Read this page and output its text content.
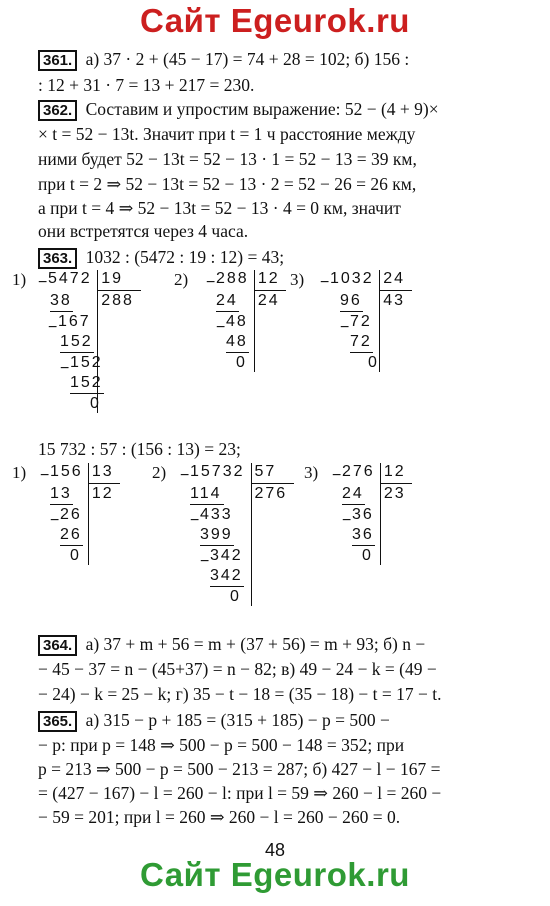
Сайт Egeurok.ru
361. а) 37 · 2 + (45 − 17) = 74 + 28 = 102; б) 156 :
: 12 + 31 · 7 = 13 + 217 = 230.
362. Составим и упростим выражение: 52 − (4 + 9)×
× t = 52 − 13t. Значит при t = 1 ч расстояние между
ними будет 52 − 13t = 52 − 13 · 1 = 52 − 13 = 39 км,
при t = 2 ⇒ 52 − 13t = 52 − 13 · 2 = 52 − 26 = 26 км,
а при t = 4 ⇒ 52 − 13t = 52 − 13 · 4 = 0 км, значит
они встретятся через 4 часа.
363. 1032 : (5472 : 19 : 12) = 43;
1) −
5472 19
288
38
−
167
152
−
152
152
0
2) −
288 12
24
24
−
48
48
0
3) −
1032 24
43
96
−
72
72
0
15 732 : 57 : (156 : 13) = 23;
1) −
156 13
12
13
−
26
26
0
2) −
15732 57
276
114
−
433
399
−
342
342
0
3) −
276 12
23
24
−
36
36
0
364. а) 37 + m + 56 = m + (37 + 56) = m + 93; б) n −
− 45 − 37 = n − (45+37) = n − 82; в) 49 − 24 − k = (49 −
− 24) − k = 25 − k; г) 35 − t − 18 = (35 − 18) − t = 17 − t.
365. а) 315 − p + 185 = (315 + 185) − p = 500 −
− p: при p = 148 ⇒ 500 − p = 500 − 148 = 352; при
p = 213 ⇒ 500 − p = 500 − 213 = 287; б) 427 − l − 167 =
= (427 − 167) − l = 260 − l: при l = 59 ⇒ 260 − l = 260 −
− 59 = 201; при l = 260 ⇒ 260 − l = 260 − 260 = 0.
48
Сайт Egeurok.ru
